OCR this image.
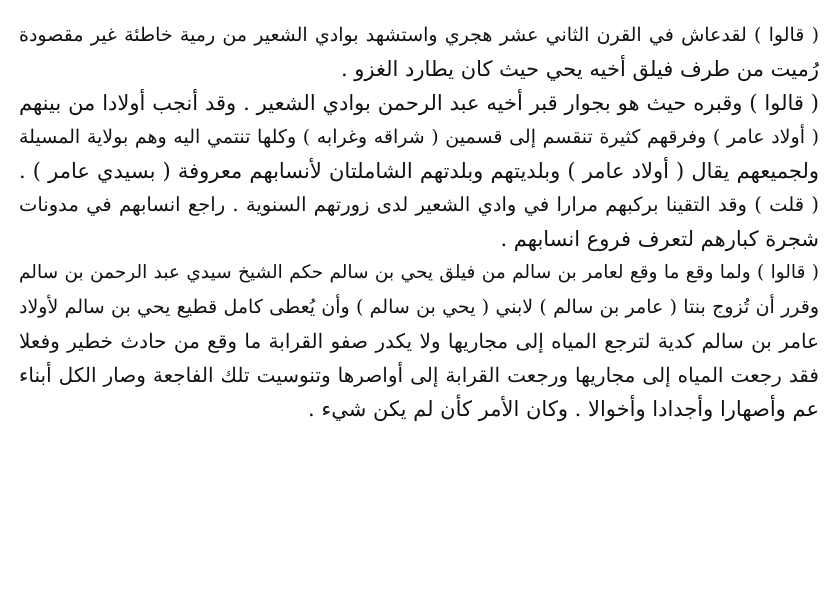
( قالوا ) لقدعاش في القرن الثاني عشر هجري واستشهد بوادي الشعير من رمية خاطئة غير مقصودة
رُميت من طرف فيلق أخيه يحي حيث كان يطارد الغزو .
( قالوا ) وقبره حيث هو بجوار قبر أخيه عبد الرحمن بوادي الشعير . وقد أنجب أولادا من بينهم
( أولاد عامر ) وفرقهم كثيرة تنقسم إلى قسمين ( شراقه وغرابه ) وكلها تنتمي اليه وهم بولاية المسيلة
ولجميعهم يقال ( أولاد عامر ) وبلديتهم وبلدتهم الشاملتان لأنسابهم معروفة ( بسيدي عامر ) .
( قلت ) وقد التقينا بركبهم مرارا في وادي الشعير لدى زورتهم السنوية . راجع انسابهم في مدونات
شجرة كبارهم لتعرف فروع انسابهم .
( قالوا ) ولما وقع ما وقع لعامر بن سالم من فيلق يحي بن سالم حكم الشيخ سيدي عبد الرحمن بن سالم
وقرر أن تُزوج بنتا ( عامر بن سالم ) لابني ( يحي بن سالم ) وأن يُعطى كامل قطيع يحي بن سالم لأولاد
عامر بن سالم كدية لترجع المياه إلى مجاريها ولا يكدر صفو القرابة ما وقع من حادث خطير وفعلا
فقد رجعت المياه إلى مجاريها ورجعت القرابة إلى أواصرها وتنوسيت تلك الفاجعة وصار الكل أبناء
عم وأصهارا وأجدادا وأخوالا . وكان الأمر كأن لم يكن شيء .
